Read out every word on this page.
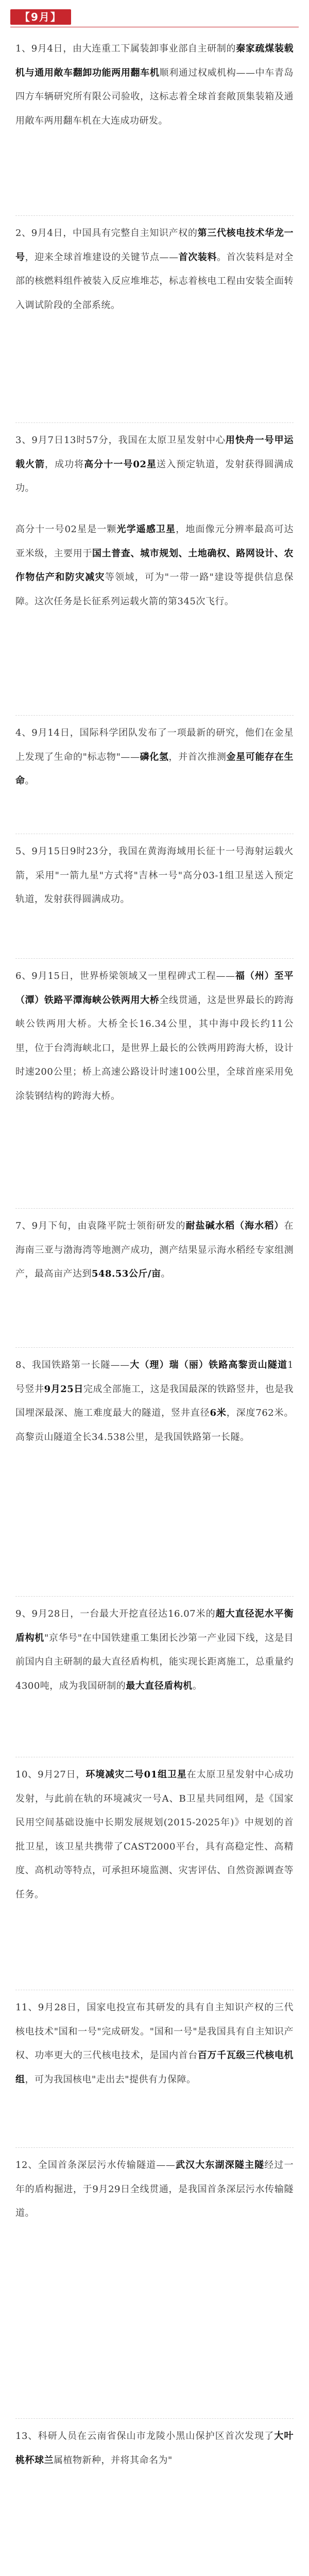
【9月】

1、9月4日，由大连重工下属装卸事业部自主研制的秦家疏煤装载机与通用敞车翻卸功能两用翻车机顺利通过权威机构——中车青岛四方车辆研究所有限公司验收，这标志着全球首套敞顶集装箱及通用敞车两用翻车机在大连成功研发。

2、9月4日，中国具有完整自主知识产权的第三代核电技术华龙一号，迎来全球首堆建设的关键节点——首次装料。首次装料是对全部的核燃料组件被装入反应堆堆芯，标志着核电工程由安装全面转入调试阶段的全部系统。

3、9月7日13时57分，我国在太原卫星发射中心用快舟一号甲运载火箭，成功将高分十一号02星送入预定轨道，发射获得圆满成功。

高分十一号02星是一颗光学遥感卫星，地面像元分辨率最高可达亚米级，主要用于国土普查、城市规划、土地确权、路网设计、农作物估产和防灾减灾等领域，可为"一带一路"建设等提供信息保障。这次任务是长征系列运载火箭的第345次飞行。

4、9月14日，国际科学团队发布了一项最新的研究，他们在金星上发现了生命的"标志物"——磷化氢，并首次推测金星可能存在生命。

5、9月15日9时23分，我国在黄海海域用长征十一号海射运载火箭，采用"一箭九星"方式将"吉林一号"高分03-1组卫星送入预定轨道，发射获得圆满成功。

6、9月15日，世界桥梁领域又一里程碑式工程——福（州）至平（潭）铁路平潭海峡公铁两用大桥全线贯通，这是世界最长的跨海峡公铁两用大桥。大桥全长16.34公里，其中海中段长约11公里，位于台湾海峡北口，是世界上最长的公铁两用跨海大桥，设计时速200公里；桥上高速公路设计时速100公里，全球首座采用免涂装钢结构的跨海大桥。

7、9月下旬，由袁隆平院士领衔研发的耐盐碱水稻（海水稻）在海南三亚与渤海湾等地测产成功，测产结果显示海水稻经专家组测产，最高亩产达到548.53公斤/亩。

8、我国铁路第一长隧——大（理）瑞（丽）铁路高黎贡山隧道1号竖井9月25日完成全部施工，这是我国最深的铁路竖井，也是我国埋深最深、施工难度最大的隧道，竖井直径6米，深度762米。高黎贡山隧道全长34.538公里，是我国铁路第一长隧。

9、9月28日，一台最大开挖直径达16.07米的超大直径泥水平衡盾构机"京华号"在中国铁建重工集团长沙第一产业园下线，这是目前国内自主研制的最大直径盾构机，能实现长距离施工，总重量约4300吨，成为我国研制的最大直径盾构机。

10、9月27日，环境减灾二号01组卫星在太原卫星发射中心成功发射，与此前在轨的环境减灾一号A、B卫星共同组网，是《国家民用空间基础设施中长期发展规划(2015-2025年)》中规划的首批卫星，该卫星共携带了CAST2000平台，具有高稳定性、高精度、高机动等特点，可承担环境监测、灾害评估、自然资源调查等任务。

11、9月28日，国家电投宣布其研发的具有自主知识产权的三代核电技术"国和一号"完成研发。"国和一号"是我国具有自主知识产权、功率更大的三代核电技术，是国内首台百万千瓦级三代核电机组，可为我国核电"走出去"提供有力保障。

12、全国首条深层污水传输隧道——武汉大东湖深隧主隧经过一年的盾构掘进，于9月29日全线贯通，是我国首条深层污水传输隧道。

13、科研人员在云南省保山市龙陵小黑山保护区首次发现了大叶桃杯球兰属植物新种，并将其命名为"
